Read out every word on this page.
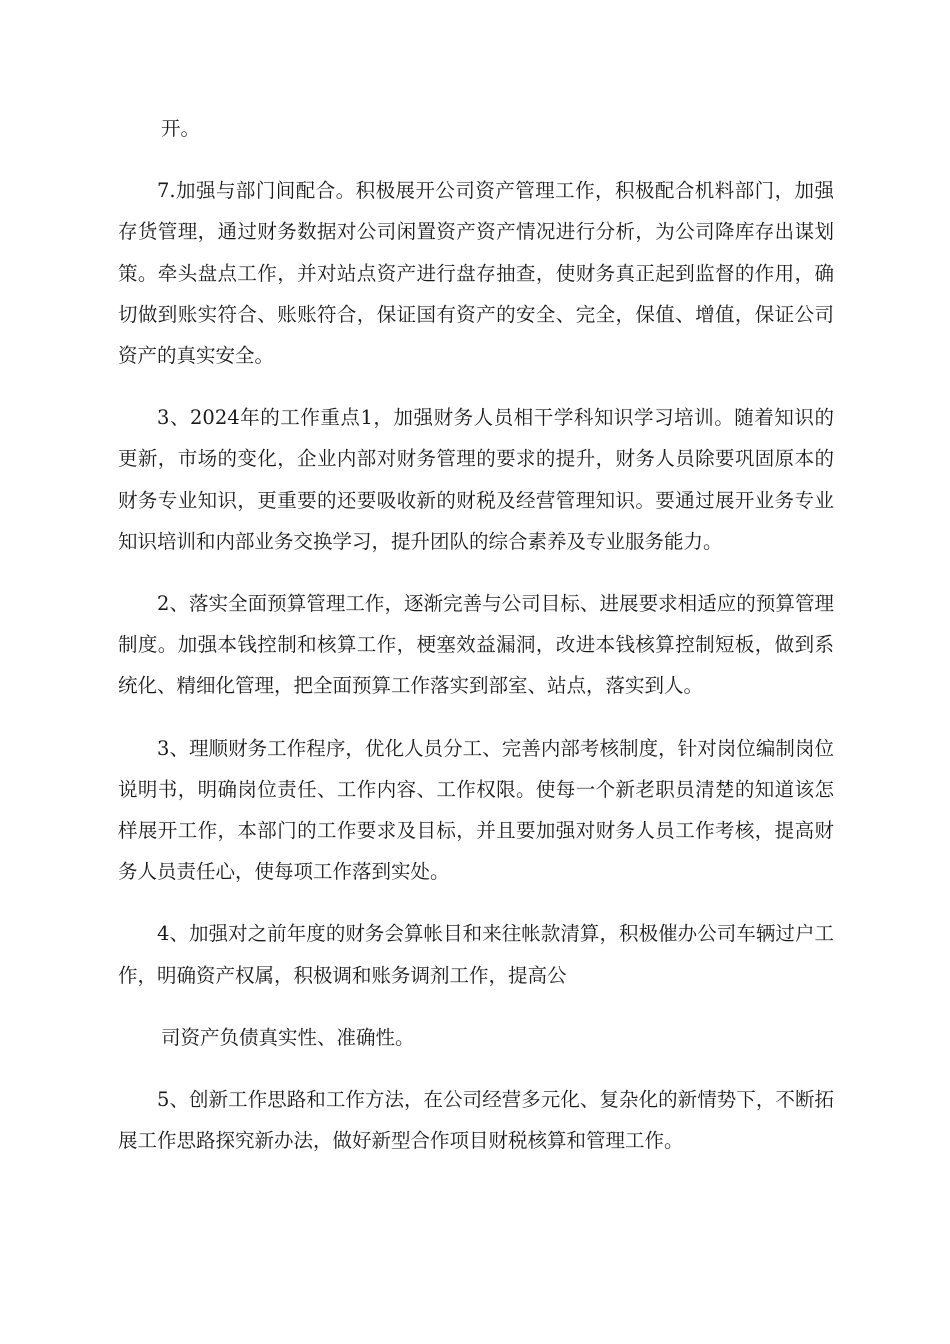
开。

7.加强与部门间配合。积极展开公司资产管理工作，积极配合机料部门，加强存货管理，通过财务数据对公司闲置资产资产情况进行分析，为公司降库存出谋划策。牵头盘点工作，并对站点资产进行盘存抽查，使财务真正起到监督的作用，确切做到账实符合、账账符合，保证国有资产的安全、完全，保值、增值，保证公司资产的真实安全。

3、2024年的工作重点1，加强财务人员相干学科知识学习培训。随着知识的更新，市场的变化，企业内部对财务管理的要求的提升，财务人员除要巩固原本的财务专业知识，更重要的还要吸收新的财税及经营管理知识。要通过展开业务专业知识培训和内部业务交换学习，提升团队的综合素养及专业服务能力。

2、落实全面预算管理工作，逐渐完善与公司目标、进展要求相适应的预算管理制度。加强本钱控制和核算工作，梗塞效益漏洞，改进本钱核算控制短板，做到系统化、精细化管理，把全面预算工作落实到部室、站点，落实到人。

3、理顺财务工作程序，优化人员分工、完善内部考核制度，针对岗位编制岗位说明书，明确岗位责任、工作内容、工作权限。使每一个新老职员清楚的知道该怎样展开工作，本部门的工作要求及目标，并且要加强对财务人员工作考核，提高财务人员责任心，使每项工作落到实处。

4、加强对之前年度的财务会算帐目和来往帐款清算，积极催办公司车辆过户工作，明确资产权属，积极调和账务调剂工作，提高公

司资产负债真实性、准确性。

5、创新工作思路和工作方法，在公司经营多元化、复杂化的新情势下，不断拓展工作思路探究新办法，做好新型合作项目财税核算和管理工作。
